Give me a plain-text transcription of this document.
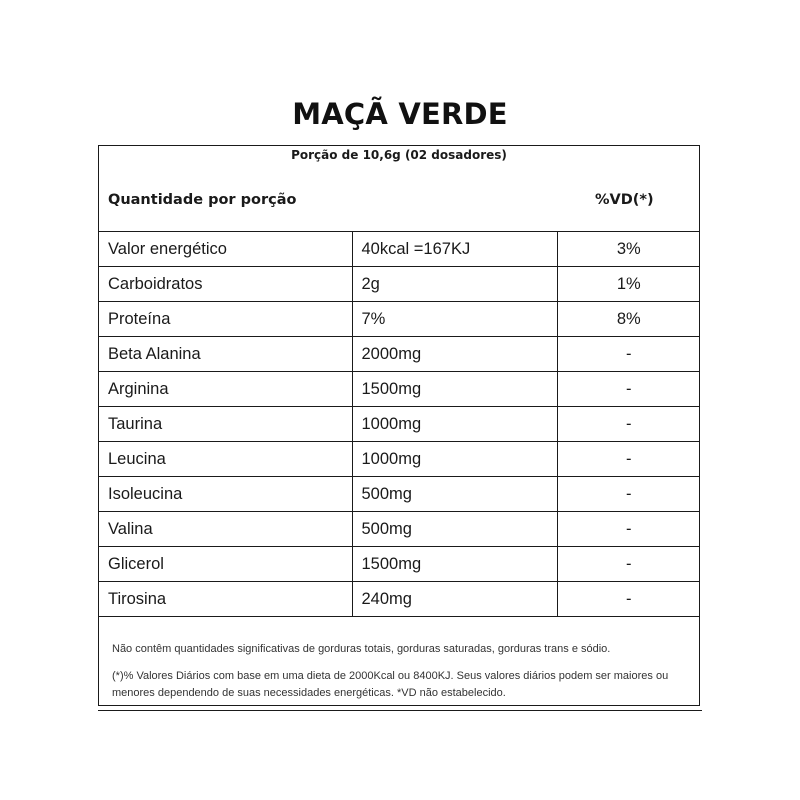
MAÇÃ VERDE
Porção de 10,6g (02 dosadores)
Quantidade por porção	%VD(*)
Valor energético	40kcal =167KJ	3%
Carboidratos	2g	1%
Proteína	7%	8%
Beta Alanina	2000mg	-
Arginina	1500mg	-
Taurina	1000mg	-
Leucina	1000mg	-
Isoleucina	500mg	-
Valina	500mg	-
Glicerol	1500mg	-
Tirosina	240mg	-
Não contêm quantidades significativas de gorduras totais, gorduras saturadas, gorduras trans e sódio.
(*)% Valores Diários com base em uma dieta de 2000Kcal ou 8400KJ. Seus valores diários podem ser maiores ou menores dependendo de suas necessidades energéticas. *VD não estabelecido.
